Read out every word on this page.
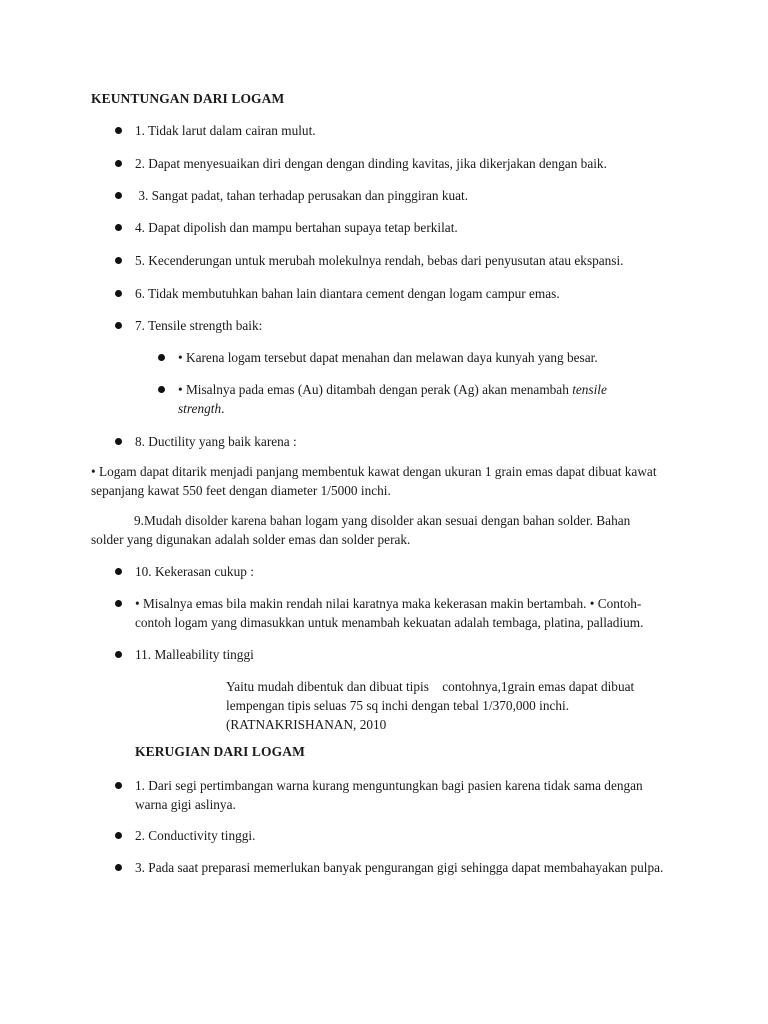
KEUNTUNGAN DARI LOGAM
1. Tidak larut dalam cairan mulut.
2. Dapat menyesuaikan diri dengan dengan dinding kavitas, jika dikerjakan dengan baik.
3. Sangat padat, tahan terhadap perusakan dan pinggiran kuat.
4. Dapat dipolish dan mampu bertahan supaya tetap berkilat.
5. Kecenderungan untuk merubah molekulnya rendah, bebas dari penyusutan atau ekspansi.
6. Tidak membutuhkan bahan lain diantara cement dengan logam campur emas.
7. Tensile strength baik:
• Karena logam tersebut dapat menahan dan melawan daya kunyah yang besar.
• Misalnya pada emas (Au) ditambah dengan perak (Ag) akan menambah tensile strength.
8. Ductility yang baik karena :
• Logam dapat ditarik menjadi panjang membentuk kawat dengan ukuran 1 grain emas dapat dibuat kawat sepanjang kawat 550 feet dengan diameter 1/5000 inchi.
9.Mudah disolder karena bahan logam yang disolder akan sesuai dengan bahan solder. Bahan solder yang digunakan adalah solder emas dan solder perak.
10. Kekerasan cukup :
• Misalnya emas bila makin rendah nilai karatnya maka kekerasan makin bertambah. • Contoh-contoh logam yang dimasukkan untuk menambah kekuatan adalah tembaga, platina, palladium.
11. Malleability tinggi
Yaitu mudah dibentuk dan dibuat tipis    contohnya,1grain emas dapat dibuat lempengan tipis seluas 75 sq inchi dengan tebal 1/370,000 inchi. (RATNAKRISHANAN, 2010
KERUGIAN DARI LOGAM
1. Dari segi pertimbangan warna kurang menguntungkan bagi pasien karena tidak sama dengan warna gigi aslinya.
2. Conductivity tinggi.
3. Pada saat preparasi memerlukan banyak pengurangan gigi sehingga dapat membahayakan pulpa.
